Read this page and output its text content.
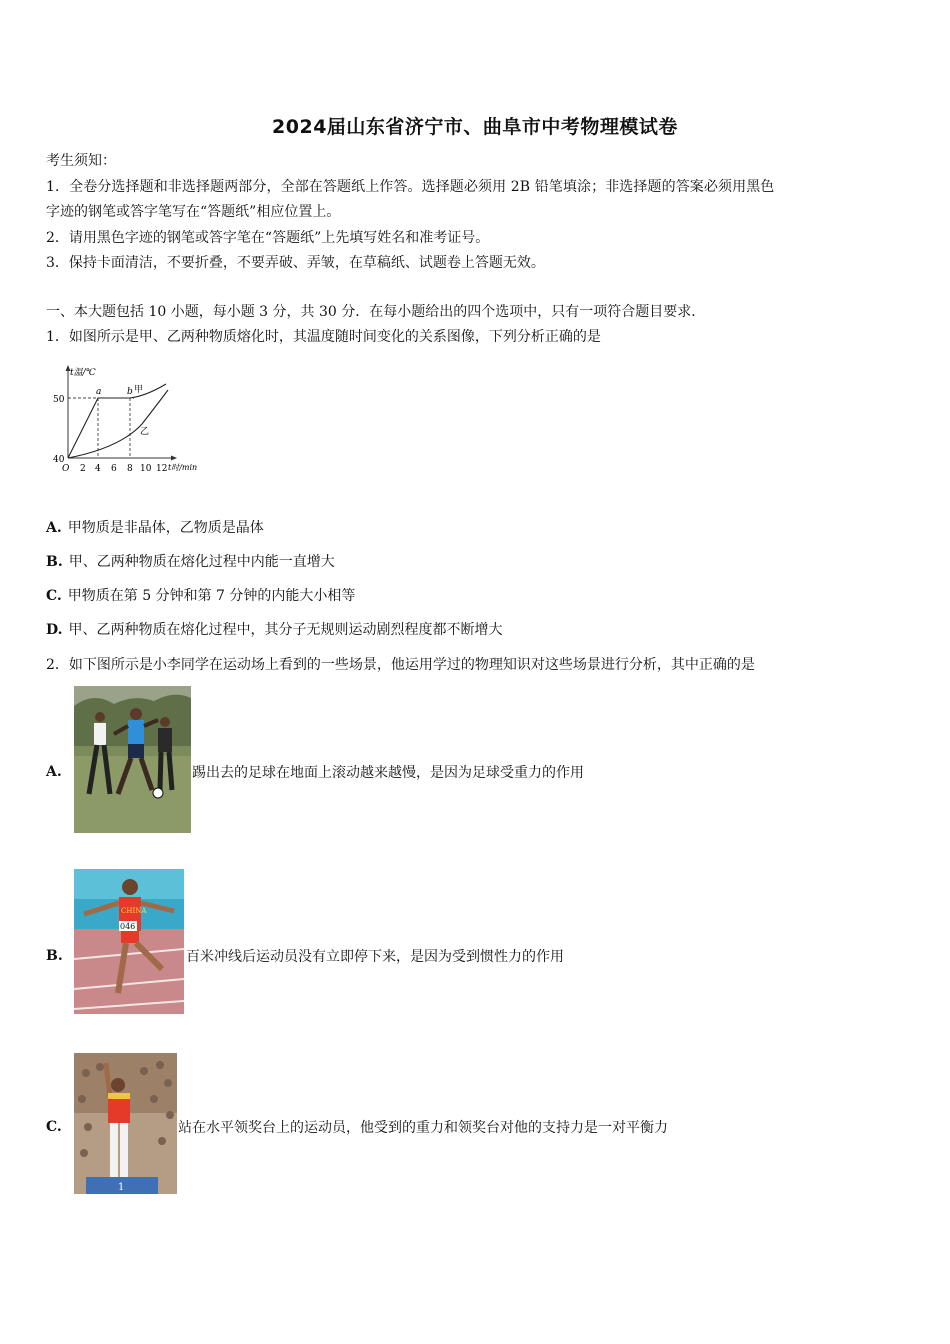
2024届山东省济宁市、曲阜市中考物理模试卷
考生须知：
1．全卷分选择题和非选择题两部分，全部在答题纸上作答。选择题必须用 2B 铅笔填涂；非选择题的答案必须用黑色
字迹的钢笔或答字笔写在“答题纸”相应位置上。
2．请用黑色字迹的钢笔或答字笔在“答题纸”上先填写姓名和准考证号。
3．保持卡面清洁，不要折叠，不要弄破、弄皱，在草稿纸、试题卷上答题无效。
一、本大题包括 10 小题，每小题 3 分，共 30 分．在每小题给出的四个选项中，只有一项符合题目要求．
1．如图所示是甲、乙两种物质熔化时，其温度随时间变化的关系图像，下列分析正确的是
t温/℃
50
40
O 2 4 6 8 10 12 t时/min
a	b 甲
乙
A. 甲物质是非晶体，乙物质是晶体
B. 甲、乙两种物质在熔化过程中内能一直增大
C. 甲物质在第 5 分钟和第 7 分钟的内能大小相等
D. 甲、乙两种物质在熔化过程中，其分子无规则运动剧烈程度都不断增大
2．如下图所示是小李同学在运动场上看到的一些场景，他运用学过的物理知识对这些场景进行分析，其中正确的是
A.	踢出去的足球在地面上滚动越来越慢，是因为足球受重力的作用
B.
CHINA
046
百米冲线后运动员没有立即停下来，是因为受到惯性力的作用
C.
1
站在水平领奖台上的运动员，他受到的重力和领奖台对他的支持力是一对平衡力
